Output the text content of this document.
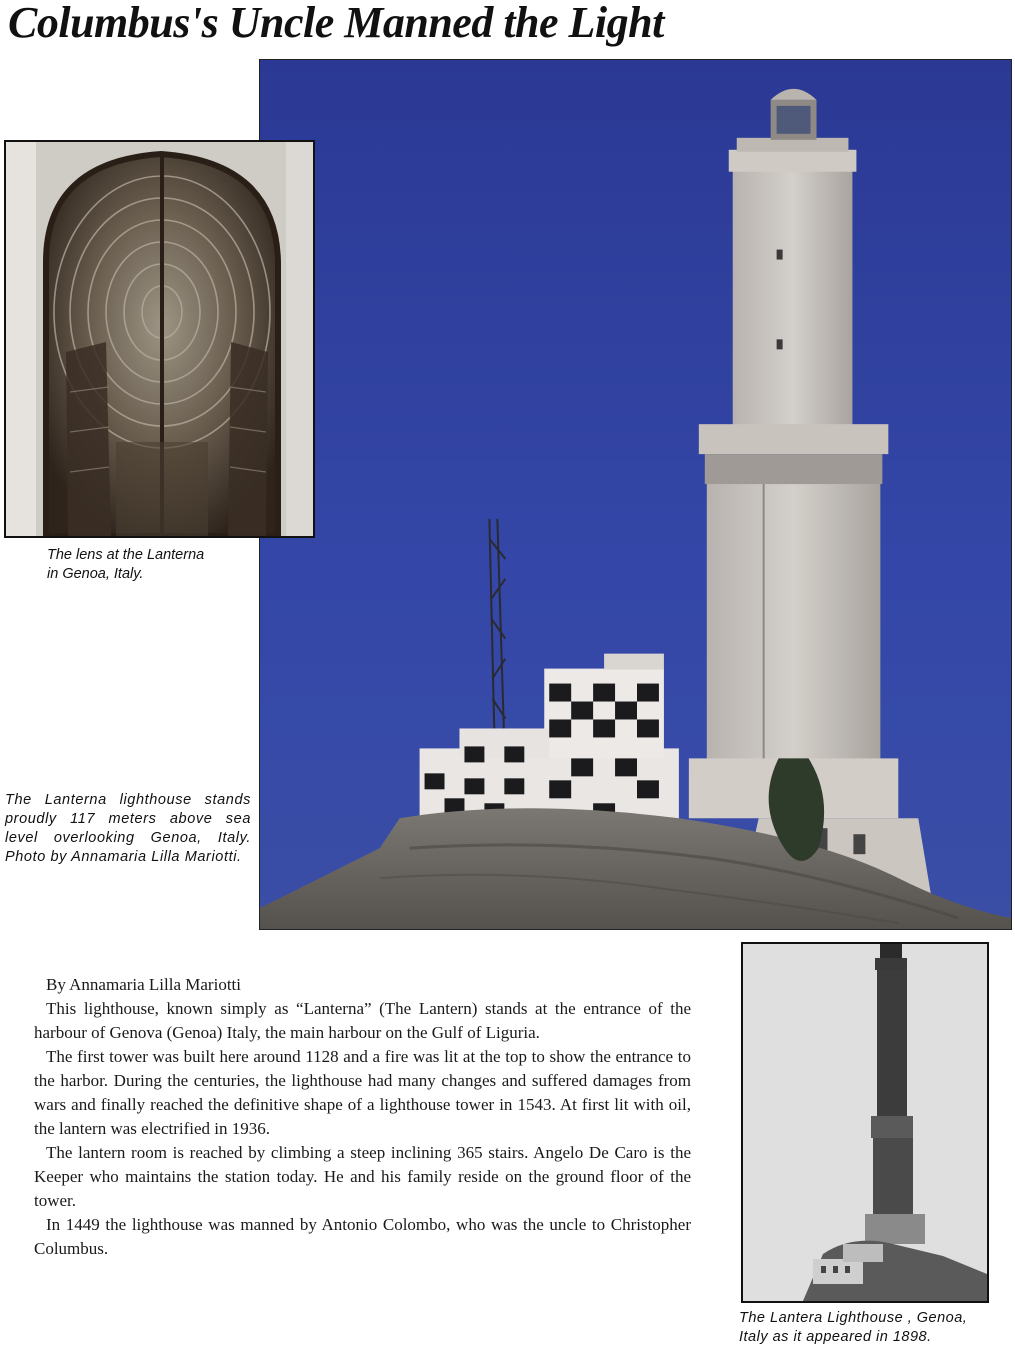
Columbus's Uncle Manned the Light
The lens at the Lanterna
in Genoa, Italy.
The Lanterna lighthouse stands proudly 117 meters above sea level overlooking Genoa, Italy. Photo by Annamaria Lilla Mariotti.
The Lantera Lighthouse , Genoa,
Italy as it appeared in 1898.

By Annamaria Lilla Mariotti

This lighthouse, known simply as “Lanterna” (The Lantern) stands at the entrance of the harbour of Genova (Genoa) Italy, the main harbour on the Gulf of Liguria.

The first tower was built here around 1128 and a fire was lit at the top to show the entrance to the harbor. During the centuries, the lighthouse had many changes and suffered damages from wars and finally reached the definitive shape of a lighthouse tower in 1543. At first lit with oil, the lantern was electrified in 1936.

The lantern room is reached by climbing a steep inclining 365 stairs. Angelo De Caro is the Keeper who maintains the station today. He and his family reside on the ground floor of the tower.

In 1449 the lighthouse was manned by Antonio Colombo, who was the uncle to Christopher Columbus.
